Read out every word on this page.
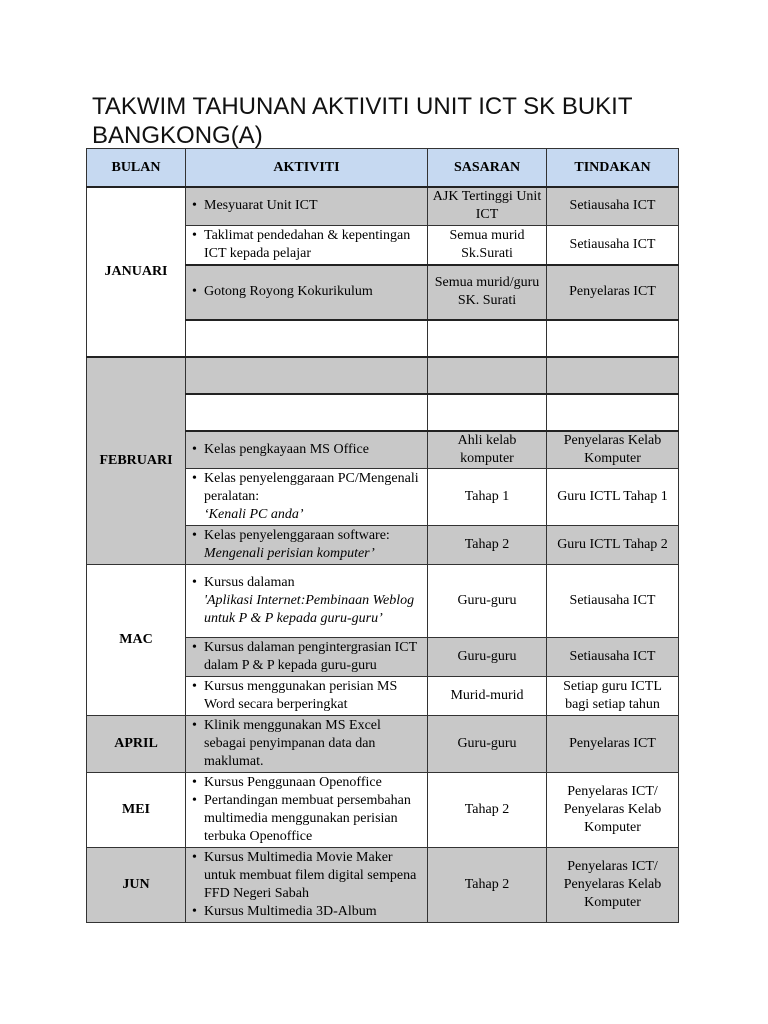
TAKWIM TAHUNAN AKTIVITI UNIT ICT SK BUKIT BANGKONG(A)
BULAN	AKTIVITI	SASARAN	TINDAKAN
JANUARI	• Mesyuarat Unit ICT	AJK Tertinggi Unit ICT	Setiausaha ICT

	• Taklimat pendedahan & kepentingan ICT kepada pelajar	Semua murid Sk.Surati	Setiausaha ICT

	• Gotong Royong Kokurikulum	Semua murid/guru SK. Surati	Penyelaras ICT

FEBRUARI			

	• Kelas pengkayaan MS Office	Ahli kelab komputer	Penyelaras Kelab Komputer

	• Kelas penyelenggaraan PC/Mengenali peralatan:
‘Kenali PC anda’	Tahap 1	Guru ICTL Tahap 1

	• Kelas penyelenggaraan software:
Mengenali perisian komputer’	Tahap 2	Guru ICTL Tahap 2
MAC	• Kursus dalaman
'Aplikasi Internet:Pembinaan Weblog untuk P & P kepada guru-guru’	Guru-guru	Setiausaha ICT

	• Kursus dalaman pengintergrasian ICT dalam P & P kepada guru-guru	Guru-guru	Setiausaha ICT

	• Kursus menggunakan perisian MS Word secara berperingkat	Murid-murid	Setiap guru ICTL bagi setiap tahun
APRIL	• Klinik menggunakan MS Excel sebagai penyimpanan data dan maklumat.	Guru-guru	Penyelaras ICT
MEI	• Kursus Penggunaan Openoffice
• Pertandingan membuat persembahan multimedia menggunakan perisian terbuka Openoffice	Tahap 2	Penyelaras ICT/ Penyelaras Kelab Komputer
JUN	• Kursus Multimedia Movie Maker untuk membuat filem digital sempena FFD Negeri Sabah
• Kursus Multimedia 3D-Album	Tahap 2	Penyelaras ICT/ Penyelaras Kelab Komputer
